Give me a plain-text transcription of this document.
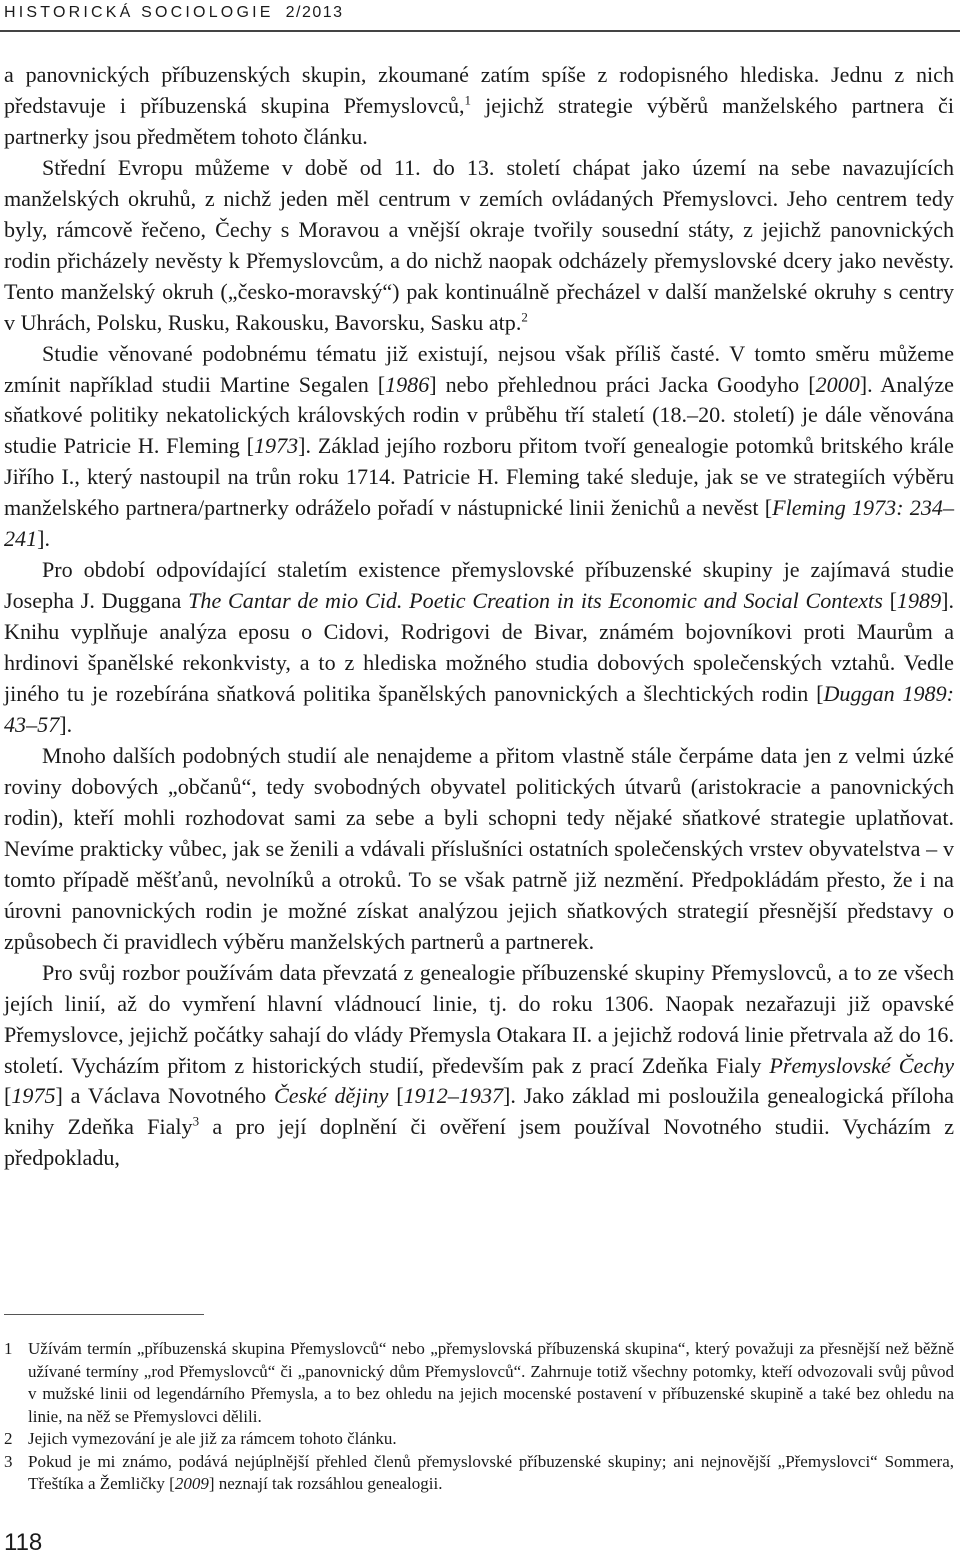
HISTORICKÁ SOCIOLOGIE 2/2013

a panovnických příbuzenských skupin, zkoumané zatím spíše z rodopisného hlediska. Jednu z nich představuje i příbuzenská skupina Přemyslovců,$^1$ jejichž strategie výběrů manželského partnera či partnerky jsou předmětem tohoto článku.

Střední Evropu můžeme v době od 11. do 13. století chápat jako území na sebe navazujících manželských okruhů, z nichž jeden měl centrum v zemích ovládaných Přemyslovci. Jeho centrem tedy byly, rámcově řečeno, Čechy s Moravou a vnější okraje tvořily sousední státy, z jejichž panovnických rodin přicházely nevěsty k Přemyslovcům, a do nichž naopak odcházely přemyslovské dcery jako nevěsty. Tento manželský okruh („česko-moravský“) pak kontinuálně přecházel v další manželské okruhy s centry v Uhrách, Polsku, Rusku, Rakousku, Bavorsku, Sasku atp.$^2$

Studie věnované podobnému tématu již existují, nejsou však příliš časté. V tomto směru můžeme zmínit například studii Martine Segalen [1986] nebo přehlednou práci Jacka Goodyho [2000]. Analýze sňatkové politiky nekatolických královských rodin v průběhu tří staletí (18.–20. století) je dále věnována studie Patricie H. Fleming [1973]. Základ jejího rozboru přitom tvoří genealogie potomků britského krále Jiřího I., který nastoupil na trůn roku 1714. Patricie H. Fleming také sleduje, jak se ve strategiích výběru manželského partnera/partnerky odráželo pořadí v nástupnické linii ženichů a nevěst [Fleming 1973: 234–241].

Pro období odpovídající staletím existence přemyslovské příbuzenské skupiny je zajímavá studie Josepha J. Duggana The Cantar de mio Cid. Poetic Creation in its Economic and Social Contexts [1989]. Knihu vyplňuje analýza eposu o Cidovi, Rodrigovi de Bivar, známém bojovníkovi proti Maurům a hrdinovi španělské rekonkvisty, a to z hlediska možného studia dobových společenských vztahů. Vedle jiného tu je rozebírána sňatková politika španělských panovnických a šlechtických rodin [Duggan 1989: 43–57].

Mnoho dalších podobných studií ale nenajdeme a přitom vlastně stále čerpáme data jen z velmi úzké roviny dobových „občanů“, tedy svobodných obyvatel politických útvarů (aristokracie a panovnických rodin), kteří mohli rozhodovat sami za sebe a byli schopni tedy nějaké sňatkové strategie uplatňovat. Nevíme prakticky vůbec, jak se ženili a vdávali příslušníci ostatních společenských vrstev obyvatelstva – v tomto případě měšťanů, nevolníků a otroků. To se však patrně již nezmění. Předpokládám přesto, že i na úrovni panovnických rodin je možné získat analýzou jejich sňatkových strategií přesnější představy o způsobech či pravidlech výběru manželských partnerů a partnerek.

Pro svůj rozbor používám data převzatá z genealogie příbuzenské skupiny Přemyslovců, a to ze všech jejích linií, až do vymření hlavní vládnoucí linie, tj. do roku 1306. Naopak nezařazuji již opavské Přemyslovce, jejichž počátky sahají do vlády Přemysla Otakara II. a jejichž rodová linie přetrvala až do 16. století. Vycházím přitom z historických studií, především pak z prací Zdeňka Fialy Přemyslovské Čechy [1975] a Václava Novotného České dějiny [1912–1937]. Jako základ mi posloužila genealogická příloha knihy Zdeňka Fialy$^3$ a pro její doplnění či ověření jsem používal Novotného studii. Vycházím z předpokladu,

1 Užívám termín „příbuzenská skupina Přemyslovců“ nebo „přemyslovská příbuzenská skupina“, který považuji za přesnější než běžně užívané termíny „rod Přemyslovců“ či „panovnický dům Přemyslovců“. Zahrnuje totiž všechny potomky, kteří odvozovali svůj původ v mužské linii od legendárního Přemysla, a to bez ohledu na jejich mocenské postavení v příbuzenské skupině a také bez ohledu na linie, na něž se Přemyslovci dělili.

2 Jejich vymezování je ale již za rámcem tohoto článku.

3 Pokud je mi známo, podává nejúplnější přehled členů přemyslovské příbuzenské skupiny; ani nejnovější „Přemyslovci“ Sommera, Třeštíka a Žemličky [2009] neznají tak rozsáhlou genealogii.

118
